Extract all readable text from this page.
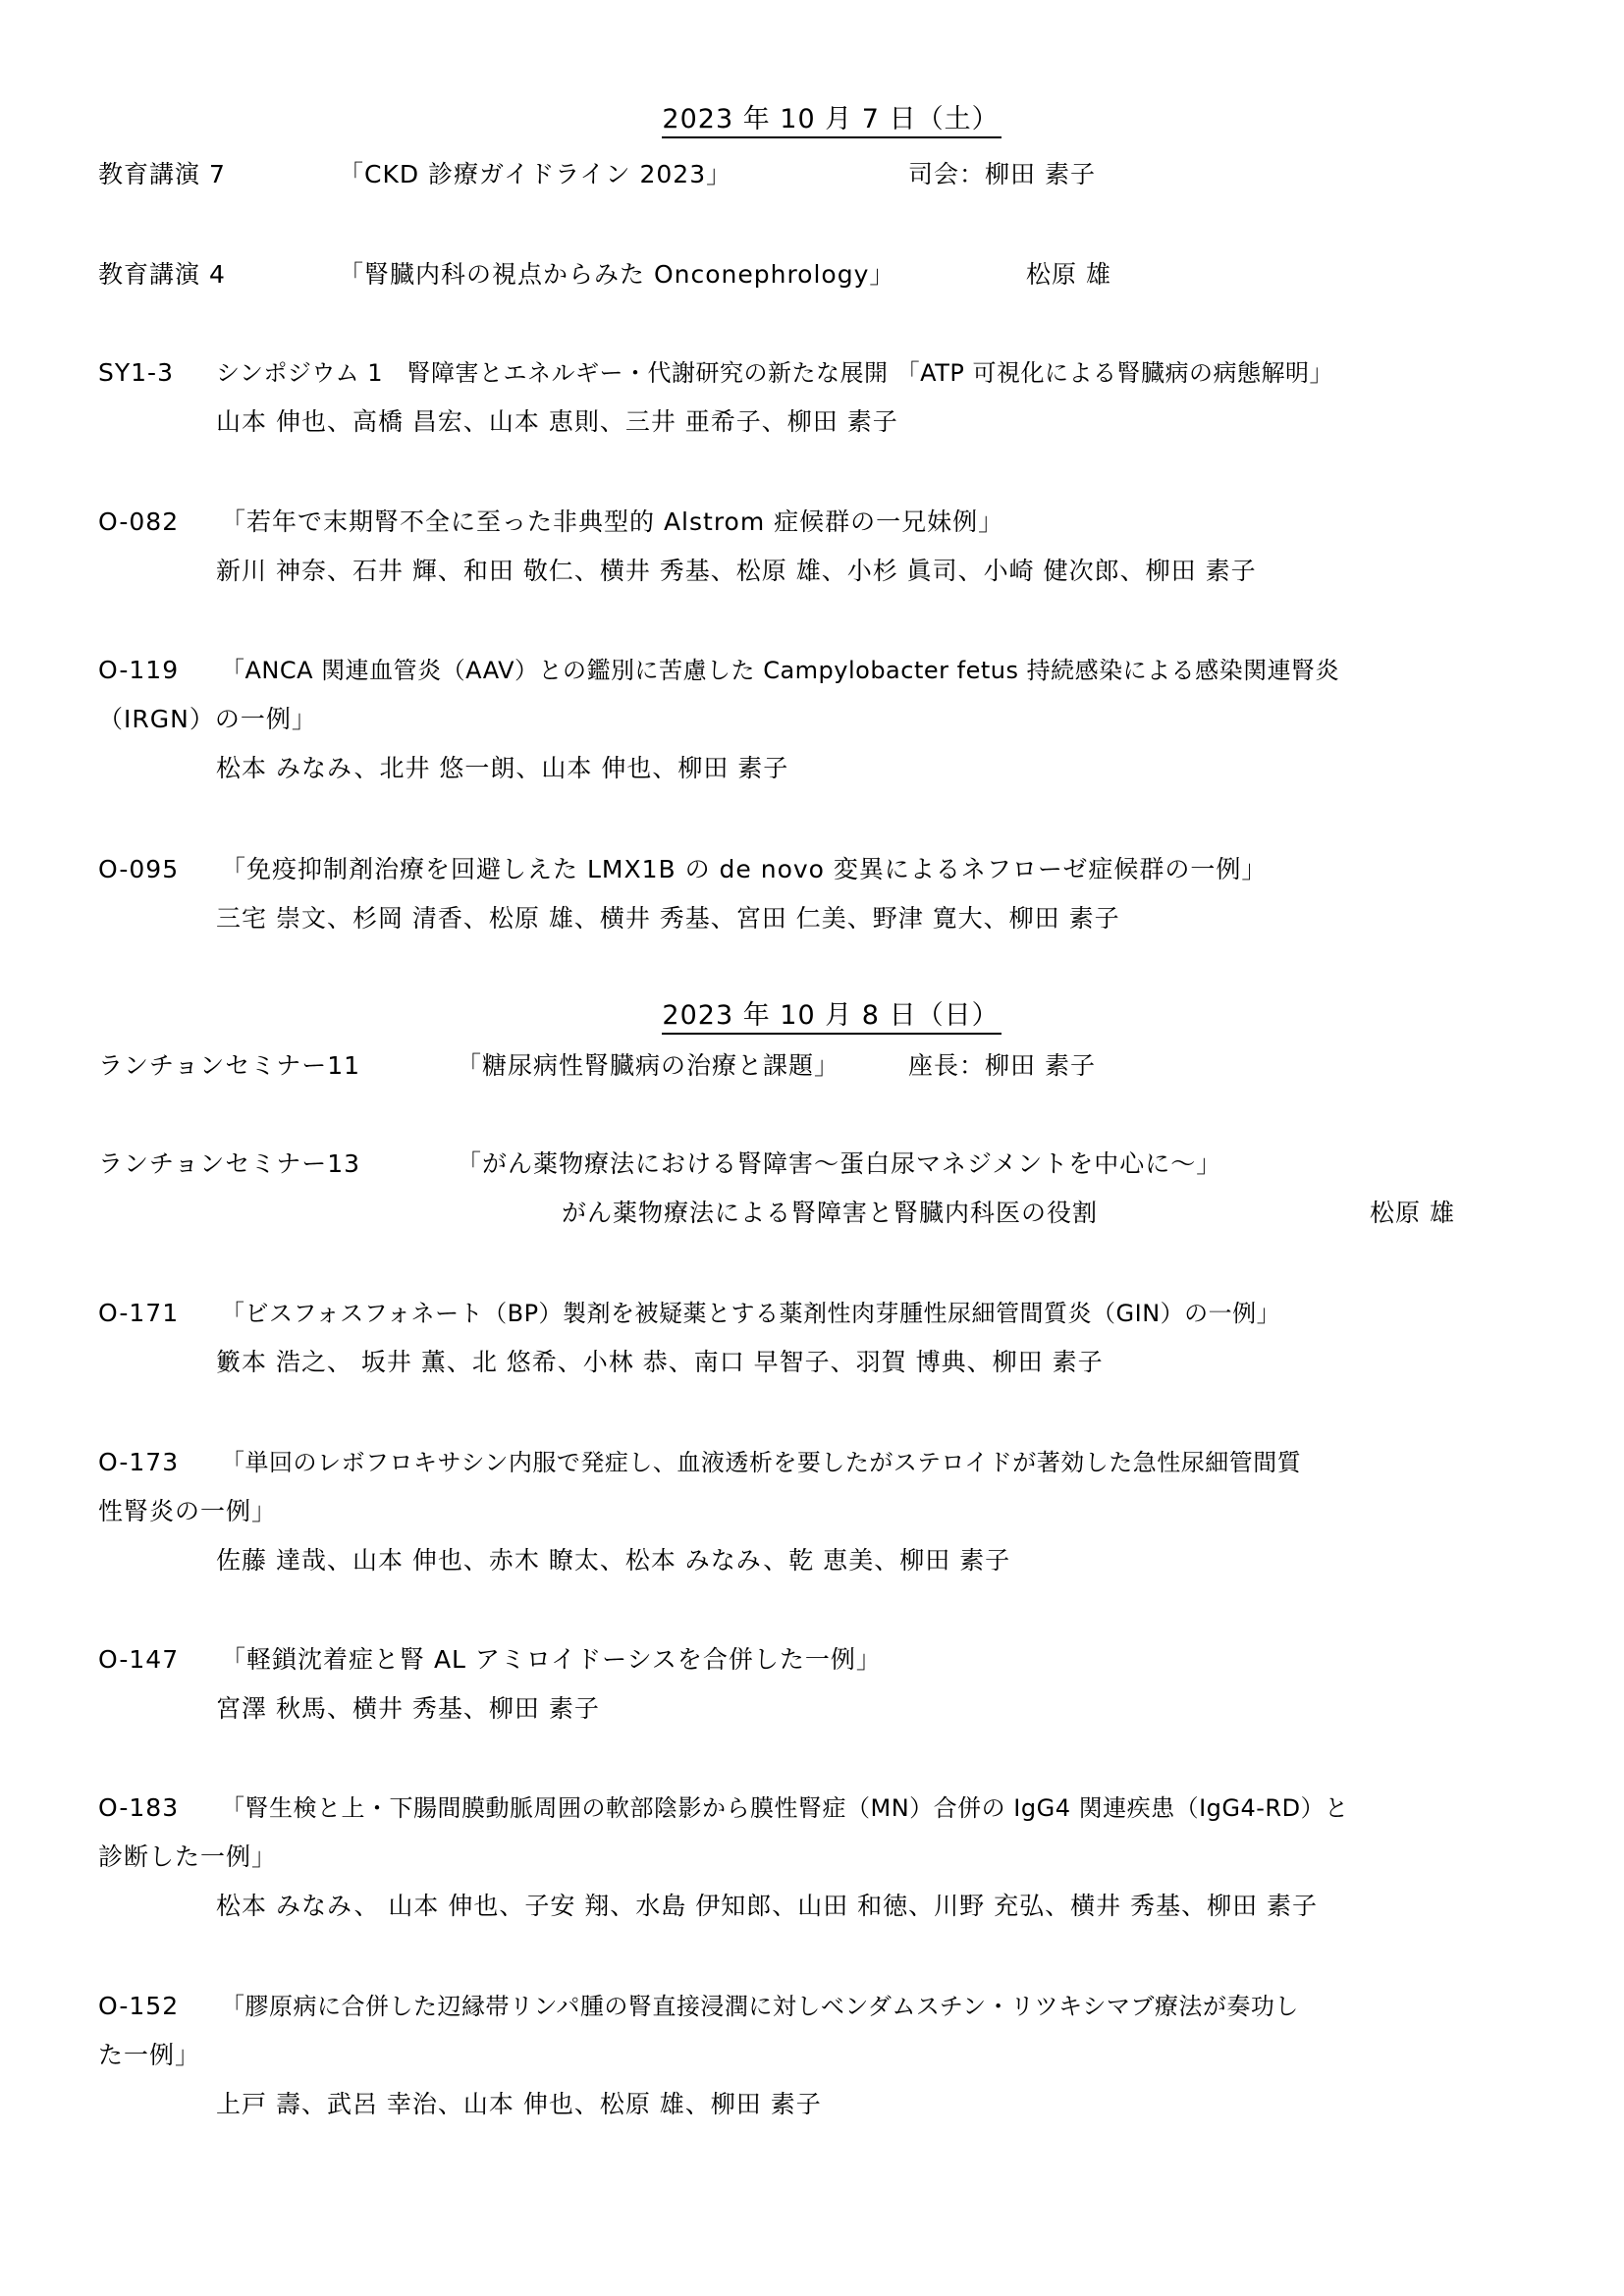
2023 年 10 月 7 日（土）
教育講演 7	「CKD 診療ガイドライン 2023」	司会：柳田 素子
教育講演 4	「腎臓内科の視点からみた Onconephrology」	松原 雄
SY1-3 シンポジウム 1　腎障害とエネルギー・代謝研究の新たな展開 「ATP 可視化による腎臓病の病態解明」
山本 伸也、高橋 昌宏、山本 恵則、三井 亜希子、柳田 素子
O-082 「若年で末期腎不全に至った非典型的 Alstrom 症候群の一兄妹例」
新川 神奈、石井 輝、和田 敬仁、横井 秀基、松原 雄、小杉 眞司、小崎 健次郎、柳田 素子
O-119 「ANCA 関連血管炎（AAV）との鑑別に苦慮した Campylobacter fetus 持続感染による感染関連腎炎
（IRGN）の一例」
松本 みなみ、北井 悠一朗、山本 伸也、柳田 素子
O-095 「免疫抑制剤治療を回避しえた LMX1B の de novo 変異によるネフローゼ症候群の一例」
三宅 崇文、杉岡 清香、松原 雄、横井 秀基、宮田 仁美、野津 寛大、柳田 素子
2023 年 10 月 8 日（日）
ランチョンセミナー11	「糖尿病性腎臓病の治療と課題」	座長：柳田 素子
ランチョンセミナー13	「がん薬物療法における腎障害～蛋白尿マネジメントを中心に～」
がん薬物療法による腎障害と腎臓内科医の役割	松原 雄
O-171 「ビスフォスフォネート（BP）製剤を被疑薬とする薬剤性肉芽腫性尿細管間質炎（GIN）の一例」
籔本 浩之、 坂井 薫、北 悠希、小林 恭、南口 早智子、羽賀 博典、柳田 素子
O-173 「単回のレボフロキサシン内服で発症し、血液透析を要したがステロイドが著効した急性尿細管間質
性腎炎の一例」
佐藤 達哉、山本 伸也、赤木 瞭太、松本 みなみ、乾 恵美、柳田 素子
O-147 「軽鎖沈着症と腎 AL アミロイドーシスを合併した一例」
宮澤 秋馬、横井 秀基、柳田 素子
O-183 「腎生検と上・下腸間膜動脈周囲の軟部陰影から膜性腎症（MN）合併の IgG4 関連疾患（IgG4-RD）と
診断した一例」
松本 みなみ、 山本 伸也、子安 翔、水島 伊知郎、山田 和徳、川野 充弘、横井 秀基、柳田 素子
O-152 「膠原病に合併した辺縁帯リンパ腫の腎直接浸潤に対しベンダムスチン・リツキシマブ療法が奏功し
た一例」
上戸 壽、武呂 幸治、山本 伸也、松原 雄、柳田 素子
